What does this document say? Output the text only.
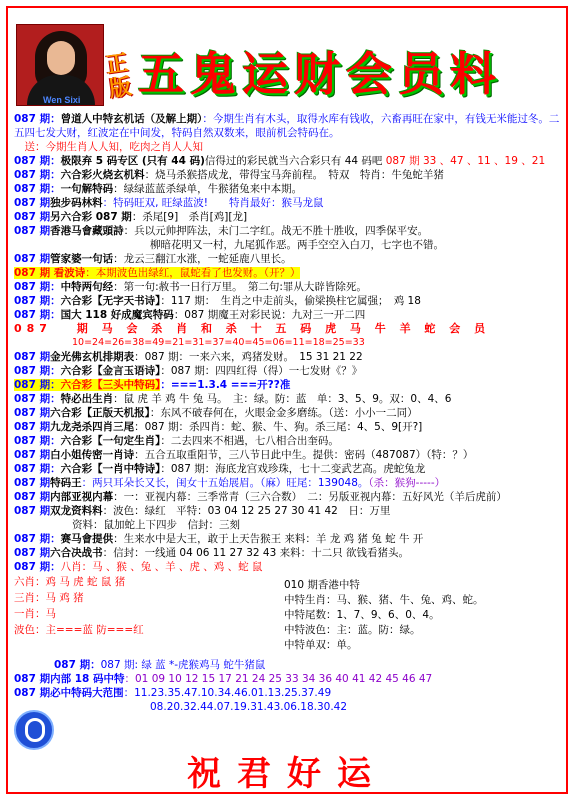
Wen Sixi
正版 五鬼运财会员料
087 期：曾道人中特玄机话（及解上期）：今期生肖有木头，取得水库有钱收，六畜再旺在家中，有钱无米能过冬。二五四七发大财，红波定在中间发，特码自然双数来，眼前机会特码在。
　送：今期生肖人人知，吃肉之肖人人知
087 期：极限弃 5 码专区 (只有 44 码)信得过的彩民就当六合彩只有 44 码吧 087 期 33 、47 、11 、19 、21
087 期：六合彩火烧玄机料：烧马杀猴搭成龙，带得宝马奔前程。　特双　特肖：牛兔蛇羊猪
087 期：一句解特码：绿绿蓝蓝杀绿单，牛猴猪兔来中本期。
087 期独步码林料：特码旺双, 旺绿蓝波!　　特肖最好：猴马龙鼠
087 期另六合彩 087 期：杀尾[9]　杀肖[鸡][龙]
087 期香港马會藏頭詩：兵以元帅押阵法，未门二字红。战无不胜十胜收，四季保平安。
柳暗花明又一村，九尾狐作恶。两手空空入白刀，七字也不错。
087 期管家婆一句话：龙云三翻江水涨，一蛇延鹿八里长。
087 期 看波诗：本期波色出绿红，鼠蛇看了也发财。（开？）
087 期：中特两句经：第一句:赦书一日行万里。　第二句:罪从大辟皆除死。
087 期：六合彩【无字天书诗】：117 期：　生肖之中走前头，偷梁换柱它属强；　鸡 18
087 期：国大 118 好成魔宾特码：087 期魔王对彩民说：九对三一开二四
087　 期 马 会 杀 肖 和 杀 十 五 码 虎 马 牛 羊 蛇 会 员
10=24=26=38=49=21=31=37=40=45=06=11=18=25=33
087 期金光佛玄机排期表：087 期：一来六来，鸡猪发财。　15 31 21 22
087 期：六合彩【金言玉语诗】：087 期：四四红得（得）一七发财《？》
087 期：六合彩【三头中特码】：===1.3.4 ===开??准
087 期：特必出生肖：鼠 虎 羊 鸡 牛 兔 马。　主：绿。防：蓝　单：3、5、9。双：0、4、6
087 期六合彩【正版天机报】：东风不破春何在，火眼金金多磨练。（送：小小一二同）
087 期九龙尧杀四肖三尾：087 期：杀四肖：蛇、猴、牛、狗。杀三尾：4、5、9[开?]
087 期：六合彩【一句定生肖】：二去四来不相遇，七八相合出奎码。
087 期白小姐传密一肖诗：五合五取重阳节，三八节日此中生。提供：密码（487087）（特：？）
087 期：六合彩【一肖中特诗】：087 期：海底龙宫戏珍珠，七十二变武艺高。虎蛇兔龙
087 期特码王：两只耳朵长又长，闺女十五始展眉。（麻）旺尾：139048。（杀：猴狗-----）
087 期内部亚视内幕：一：亚视内幕：三季常青（三六合数）　二：另版亚视内幕：五好风光（羊后虎前）
087 期双龙资料料：波色：绿红　平特：03 04 12 25 27 30 41 42　日：万里
资料：鼠加蛇上下四步　信封：三刻
087 期：赛马會提供：生来水中是大王，敢于上天告猴王 来料：羊 龙 鸡 猪 兔 蛇 牛 开
087 期六合决战书：信封：一线通 04 06 11 27 32 43 来料：十二只 欲钱看猪头。
087 期：八肖：马 、猴 、兔 、羊 、虎 、鸡 、蛇 鼠
六肖：鸡 马 虎 蛇 鼠 猪
三肖：马 鸡 猪
一肖：马
波色：主===蓝 防===红
010 期香港中特
中特生肖：马、猴、猪、牛、兔、鸡、蛇。
中特尾数：1、7、9、6、0、4。
中特波色：主：蓝。防：绿。
中特单双：单。
087 期：087 期: 绿 蓝 *-虎猴鸡马 蛇牛猪鼠
087 期内部 18 码中特：01 09 10 12 15 17 21 24 25 33 34 36 40 41 42 45 46 47
087 期必中特码大范围：11.23.35.47.10.34.46.01.13.25.37.49
08.20.32.44.07.19.31.43.06.18.30.42
祝君好运
